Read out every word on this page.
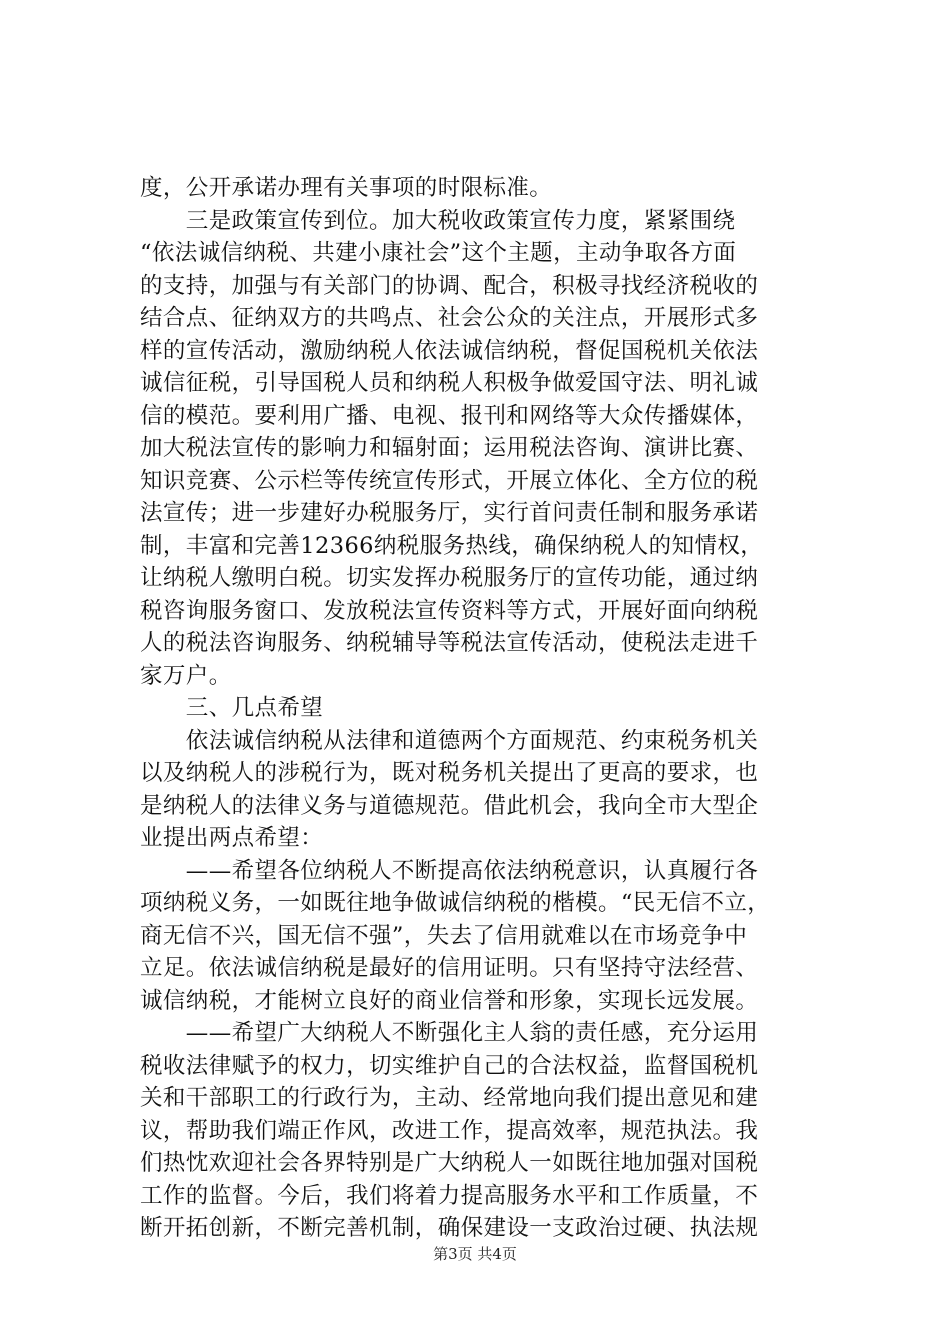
度，公开承诺办理有关事项的时限标准。
　　三是政策宣传到位。加大税收政策宣传力度，紧紧围绕
“依法诚信纳税、共建小康社会”这个主题，主动争取各方面
的支持，加强与有关部门的协调、配合，积极寻找经济税收的
结合点、征纳双方的共鸣点、社会公众的关注点，开展形式多
样的宣传活动，激励纳税人依法诚信纳税，督促国税机关依法
诚信征税，引导国税人员和纳税人积极争做爱国守法、明礼诚
信的模范。要利用广播、电视、报刊和网络等大众传播媒体，
加大税法宣传的影响力和辐射面；运用税法咨询、演讲比赛、
知识竞赛、公示栏等传统宣传形式，开展立体化、全方位的税
法宣传；进一步建好办税服务厅，实行首问责任制和服务承诺
制，丰富和完善12366纳税服务热线，确保纳税人的知情权，
让纳税人缴明白税。切实发挥办税服务厅的宣传功能，通过纳
税咨询服务窗口、发放税法宣传资料等方式，开展好面向纳税
人的税法咨询服务、纳税辅导等税法宣传活动，使税法走进千
家万户。
　　三、几点希望
　　依法诚信纳税从法律和道德两个方面规范、约束税务机关
以及纳税人的涉税行为，既对税务机关提出了更高的要求，也
是纳税人的法律义务与道德规范。借此机会，我向全市大型企
业提出两点希望：
　　——希望各位纳税人不断提高依法纳税意识，认真履行各
项纳税义务，一如既往地争做诚信纳税的楷模。“民无信不立，
商无信不兴，国无信不强”，失去了信用就难以在市场竞争中
立足。依法诚信纳税是最好的信用证明。只有坚持守法经营、
诚信纳税，才能树立良好的商业信誉和形象，实现长远发展。
　　——希望广大纳税人不断强化主人翁的责任感，充分运用
税收法律赋予的权力，切实维护自己的合法权益，监督国税机
关和干部职工的行政行为，主动、经常地向我们提出意见和建
议，帮助我们端正作风，改进工作，提高效率，规范执法。我
们热忱欢迎社会各界特别是广大纳税人一如既往地加强对国税
工作的监督。今后，我们将着力提高服务水平和工作质量，不
断开拓创新，不断完善机制，确保建设一支政治过硬、执法规
第3页 共4页
